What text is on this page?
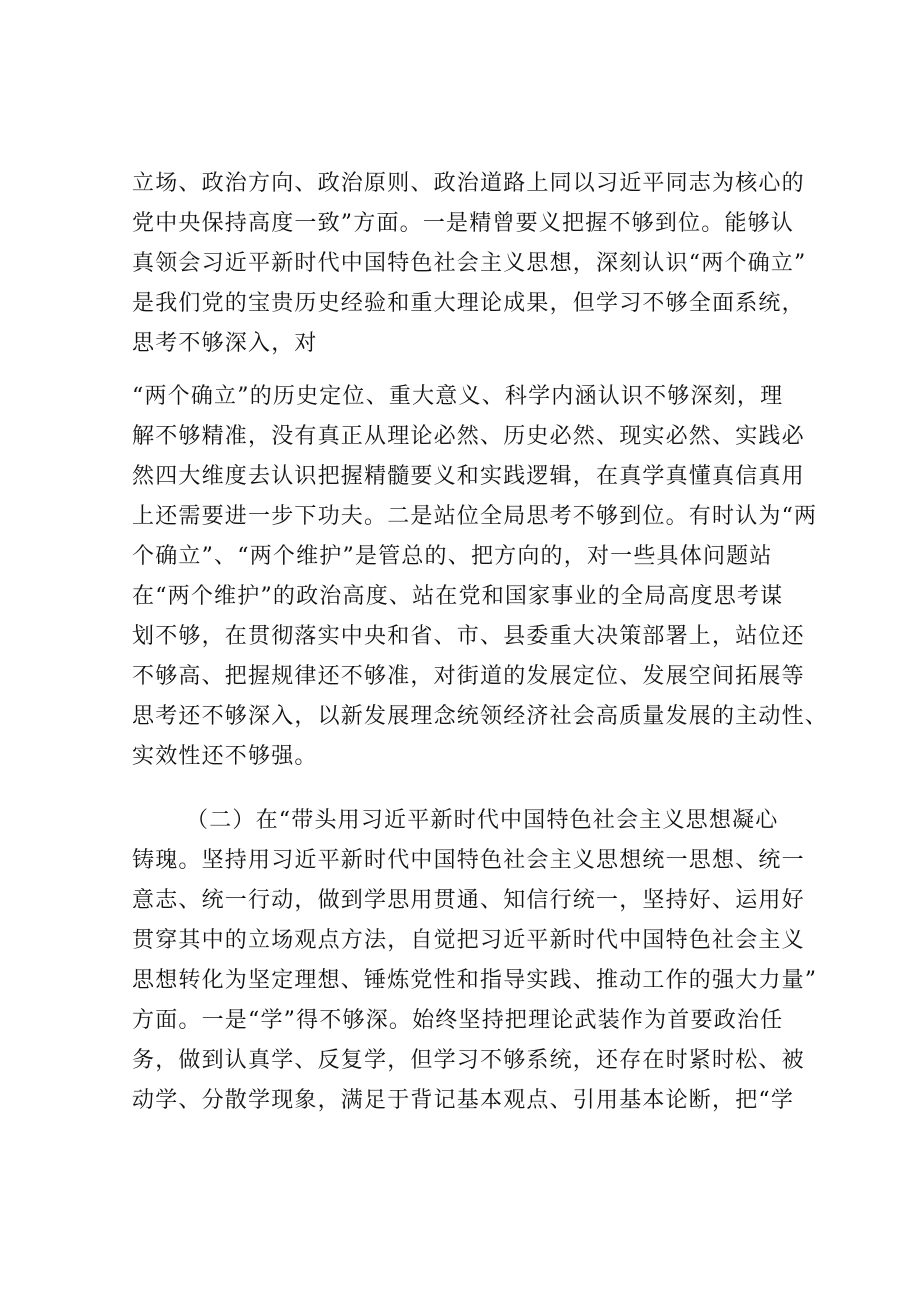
立场、政治方向、政治原则、政治道路上同以习近平同志为核心的
党中央保持高度一致”方面。一是精曾要义把握不够到位。能够认
真领会习近平新时代中国特色社会主义思想，深刻认识“两个确立”
是我们党的宝贵历史经验和重大理论成果，但学习不够全面系统，
思考不够深入，对
“两个确立”的历史定位、重大意义、科学内涵认识不够深刻，理
解不够精准，没有真正从理论必然、历史必然、现实必然、实践必
然四大维度去认识把握精髓要义和实践逻辑，在真学真懂真信真用
上还需要进一步下功夫。二是站位全局思考不够到位。有时认为“两
个确立”、“两个维护”是管总的、把方向的，对一些具体问题站
在“两个维护”的政治高度、站在党和国家事业的全局高度思考谋
划不够，在贯彻落实中央和省、市、县委重大决策部署上，站位还
不够高、把握规律还不够准，对街道的发展定位、发展空间拓展等
思考还不够深入，以新发展理念统领经济社会高质量发展的主动性、
实效性还不够强。
（二）在“带头用习近平新时代中国特色社会主义思想凝心
铸瑰。坚持用习近平新时代中国特色社会主义思想统一思想、统一
意志、统一行动，做到学思用贯通、知信行统一，坚持好、运用好
贯穿其中的立场观点方法，自觉把习近平新时代中国特色社会主义
思想转化为坚定理想、锤炼党性和指导实践、推动工作的强大力量”
方面。一是“学”得不够深。始终坚持把理论武装作为首要政治任
务，做到认真学、反复学，但学习不够系统，还存在时紧时松、被
动学、分散学现象，满足于背记基本观点、引用基本论断，把“学
